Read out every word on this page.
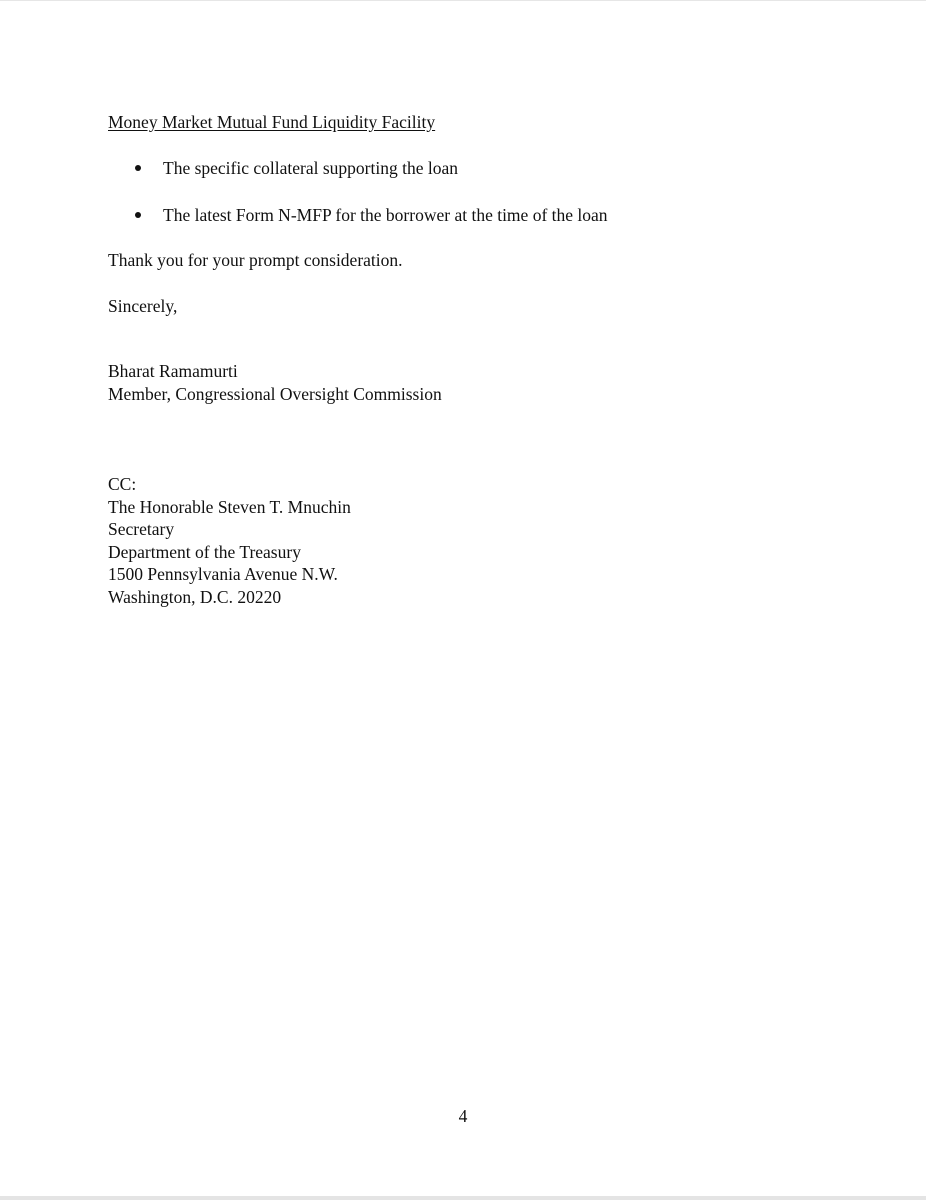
Money Market Mutual Fund Liquidity Facility
The specific collateral supporting the loan
The latest Form N-MFP for the borrower at the time of the loan
Thank you for your prompt consideration.
Sincerely,
Bharat Ramamurti
Member, Congressional Oversight Commission
CC:
The Honorable Steven T. Mnuchin
Secretary
Department of the Treasury
1500 Pennsylvania Avenue N.W.
Washington, D.C. 20220
4
